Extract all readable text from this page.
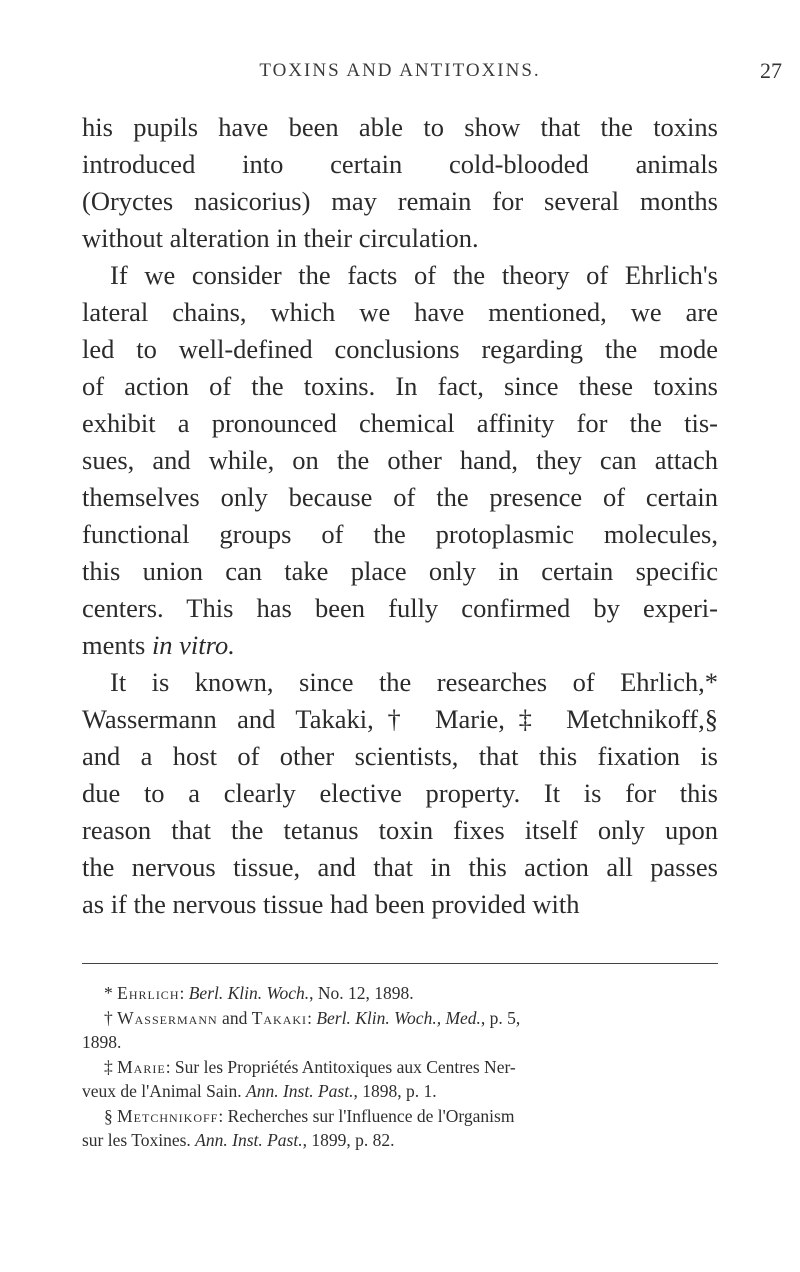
TOXINS AND ANTITOXINS.	27
his pupils have been able to show that the toxins
introduced into certain cold-blooded animals
(Oryctes nasicorius) may remain for several months
without alteration in their circulation.
If we consider the facts of the theory of Ehrlich's
lateral chains, which we have mentioned, we are
led to well-defined conclusions regarding the mode
of action of the toxins. In fact, since these toxins
exhibit a pronounced chemical affinity for the tis-
sues, and while, on the other hand, they can attach
themselves only because of the presence of certain
functional groups of the protoplasmic molecules,
this union can take place only in certain specific
centers. This has been fully confirmed by experi-
ments in vitro.
It is known, since the researches of Ehrlich,*
Wassermann and Takaki,† Marie,‡ Metchnikoff,§
and a host of other scientists, that this fixation is
due to a clearly elective property. It is for this
reason that the tetanus toxin fixes itself only upon
the nervous tissue, and that in this action all passes
as if the nervous tissue had been provided with
* Ehrlich: Berl. Klin. Woch., No. 12, 1898.
† Wassermann and Takaki: Berl. Klin. Woch., Med., p. 5,
1898.
‡ Marie: Sur les Propriétés Antitoxiques aux Centres Ner-
veux de l'Animal Sain. Ann. Inst. Past., 1898, p. 1.
§ Metchnikoff: Recherches sur l'Influence de l'Organism
sur les Toxines. Ann. Inst. Past., 1899, p. 82.
